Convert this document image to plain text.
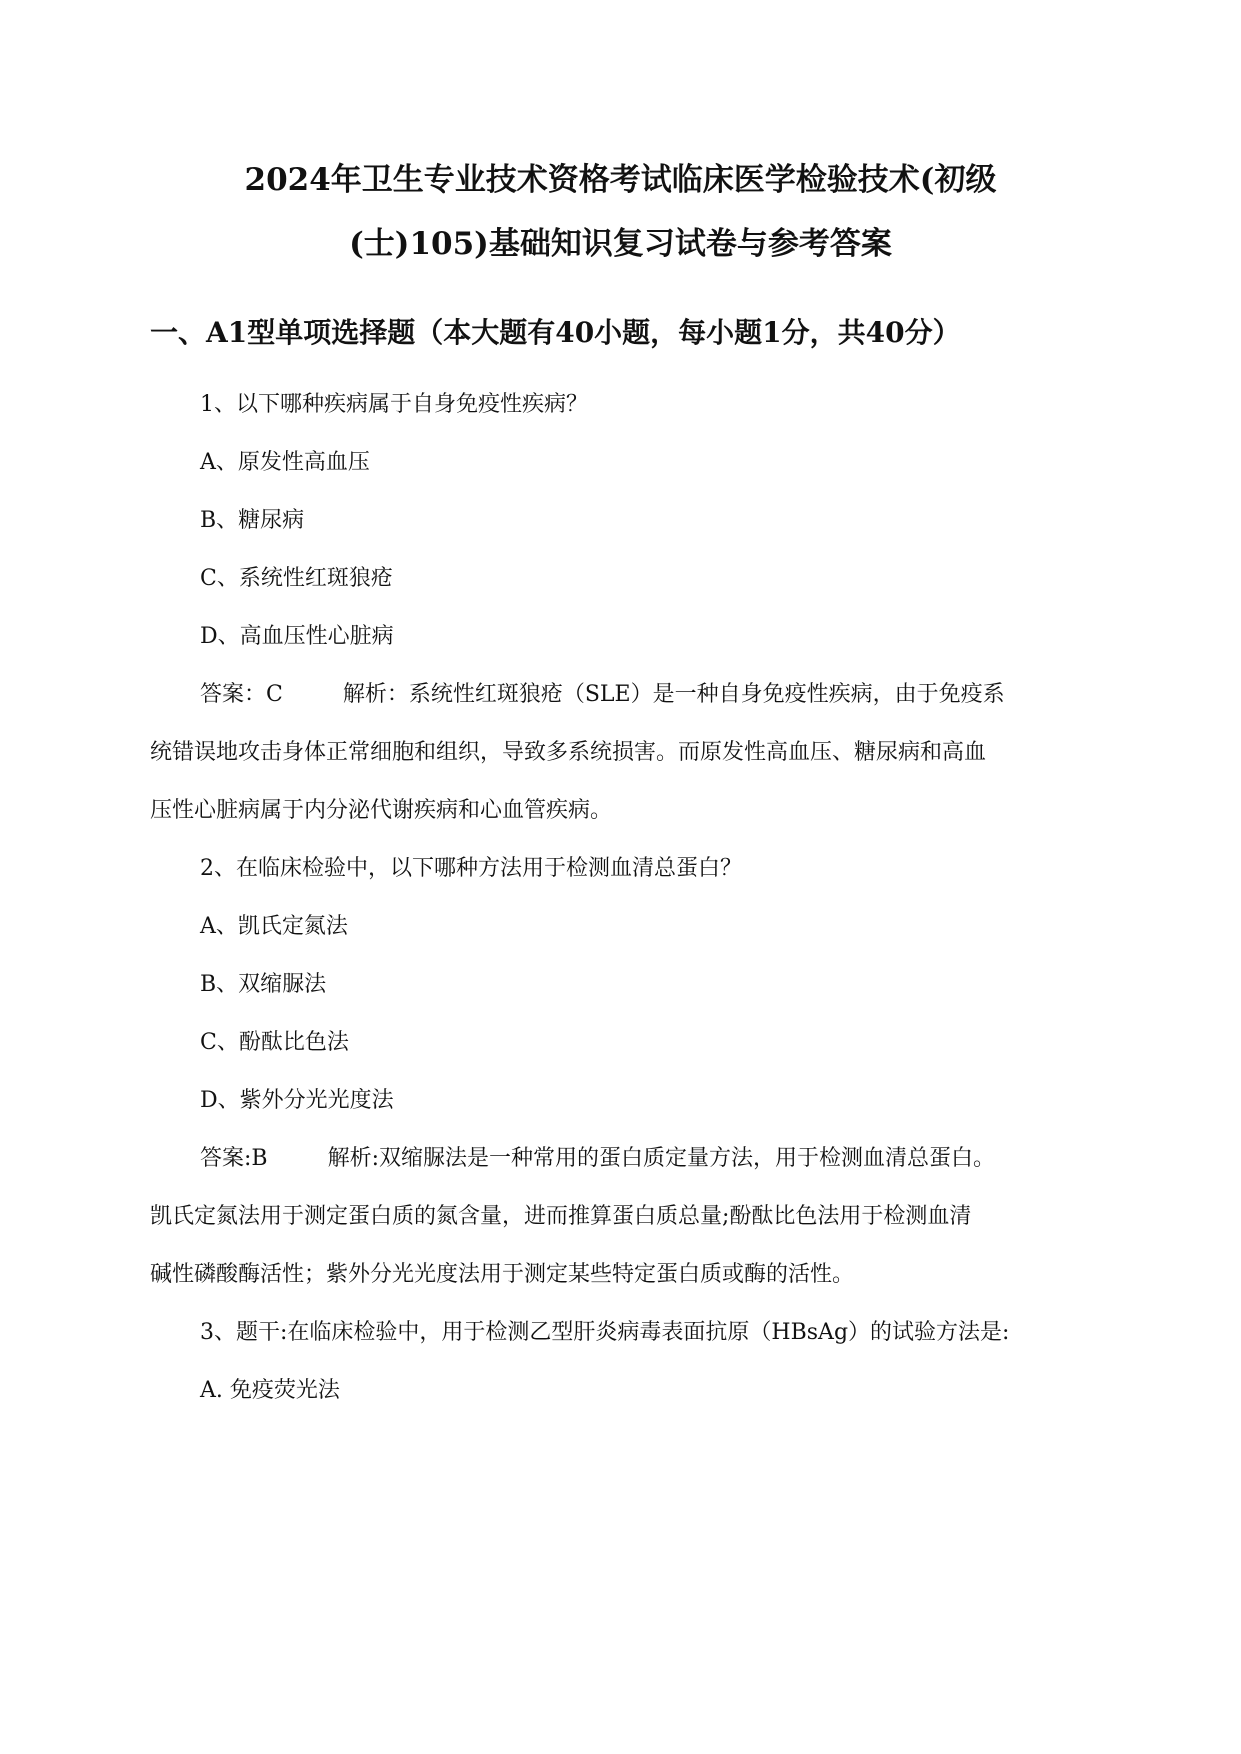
2024年卫生专业技术资格考试临床医学检验技术(初级
(士)105)基础知识复习试卷与参考答案
一、A1型单项选择题（本大题有40小题，每小题1分，共40分）
1、以下哪种疾病属于自身免疫性疾病？
A、原发性高血压
B、糖尿病
C、系统性红斑狼疮
D、高血压性心脏病
答案：C	解析：系统性红斑狼疮（SLE）是一种自身免疫性疾病，由于免疫系
统错误地攻击身体正常细胞和组织，导致多系统损害。而原发性高血压、糖尿病和高血
压性心脏病属于内分泌代谢疾病和心血管疾病。
2、在临床检验中，以下哪种方法用于检测血清总蛋白？
A、凯氏定氮法
B、双缩脲法
C、酚酞比色法
D、紫外分光光度法
答案:B	解析:双缩脲法是一种常用的蛋白质定量方法，用于检测血清总蛋白。
凯氏定氮法用于测定蛋白质的氮含量，进而推算蛋白质总量;酚酞比色法用于检测血清
碱性磷酸酶活性；紫外分光光度法用于测定某些特定蛋白质或酶的活性。
3、题干:在临床检验中，用于检测乙型肝炎病毒表面抗原（HBsAg）的试验方法是:
A. 免疫荧光法
